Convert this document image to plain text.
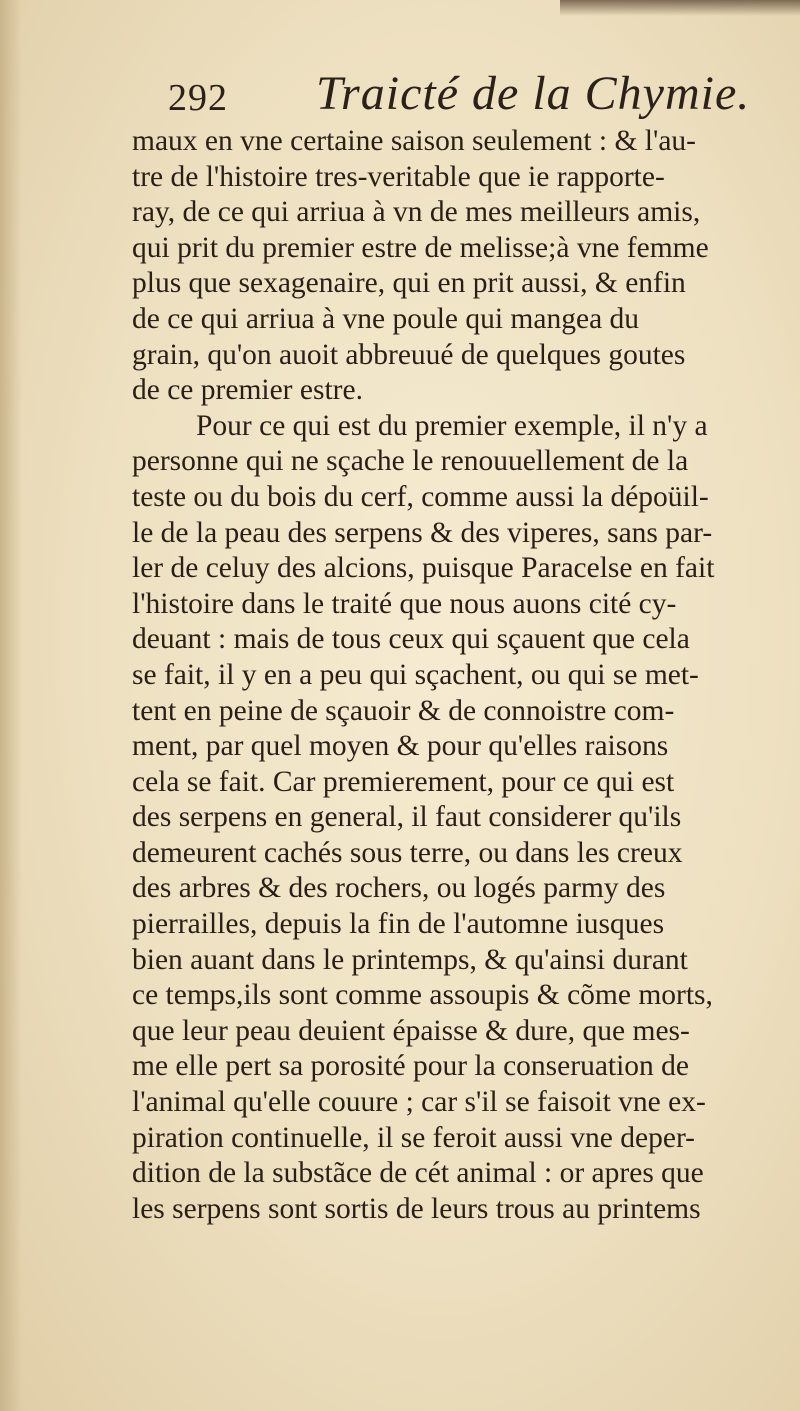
292 Traicté de la Chymie.
maux en vne certaine saison seulement : & l'au-
tre de l'histoire tres-veritable que ie rapporte-
ray, de ce qui arriua à vn de mes meilleurs amis,
qui prit du premier estre de melisse;à vne femme
plus que sexagenaire, qui en prit aussi, & enfin
de ce qui arriua à vne poule qui mangea du
grain, qu'on auoit abbreuué de quelques goutes
de ce premier estre.
Pour ce qui est du premier exemple, il n'y a
personne qui ne sçache le renouuellement de la
teste ou du bois du cerf, comme aussi la dépoüil-
le de la peau des serpens & des viperes, sans par-
ler de celuy des alcions, puisque Paracelse en fait
l'histoire dans le traité que nous auons cité cy-
deuant : mais de tous ceux qui sçauent que cela
se fait, il y en a peu qui sçachent, ou qui se met-
tent en peine de sçauoir & de connoistre com-
ment, par quel moyen & pour qu'elles raisons
cela se fait. Car premierement, pour ce qui est
des serpens en general, il faut considerer qu'ils
demeurent cachés sous terre, ou dans les creux
des arbres & des rochers, ou logés parmy des
pierrailles, depuis la fin de l'automne iusques
bien auant dans le printemps, & qu'ainsi durant
ce temps,ils sont comme assoupis & cõme morts,
que leur peau deuient épaisse & dure, que mes-
me elle pert sa porosité pour la conseruation de
l'animal qu'elle couure ; car s'il se faisoit vne ex-
piration continuelle, il se feroit aussi vne deper-
dition de la substãce de cét animal : or apres que
les serpens sont sortis de leurs trous au printems
